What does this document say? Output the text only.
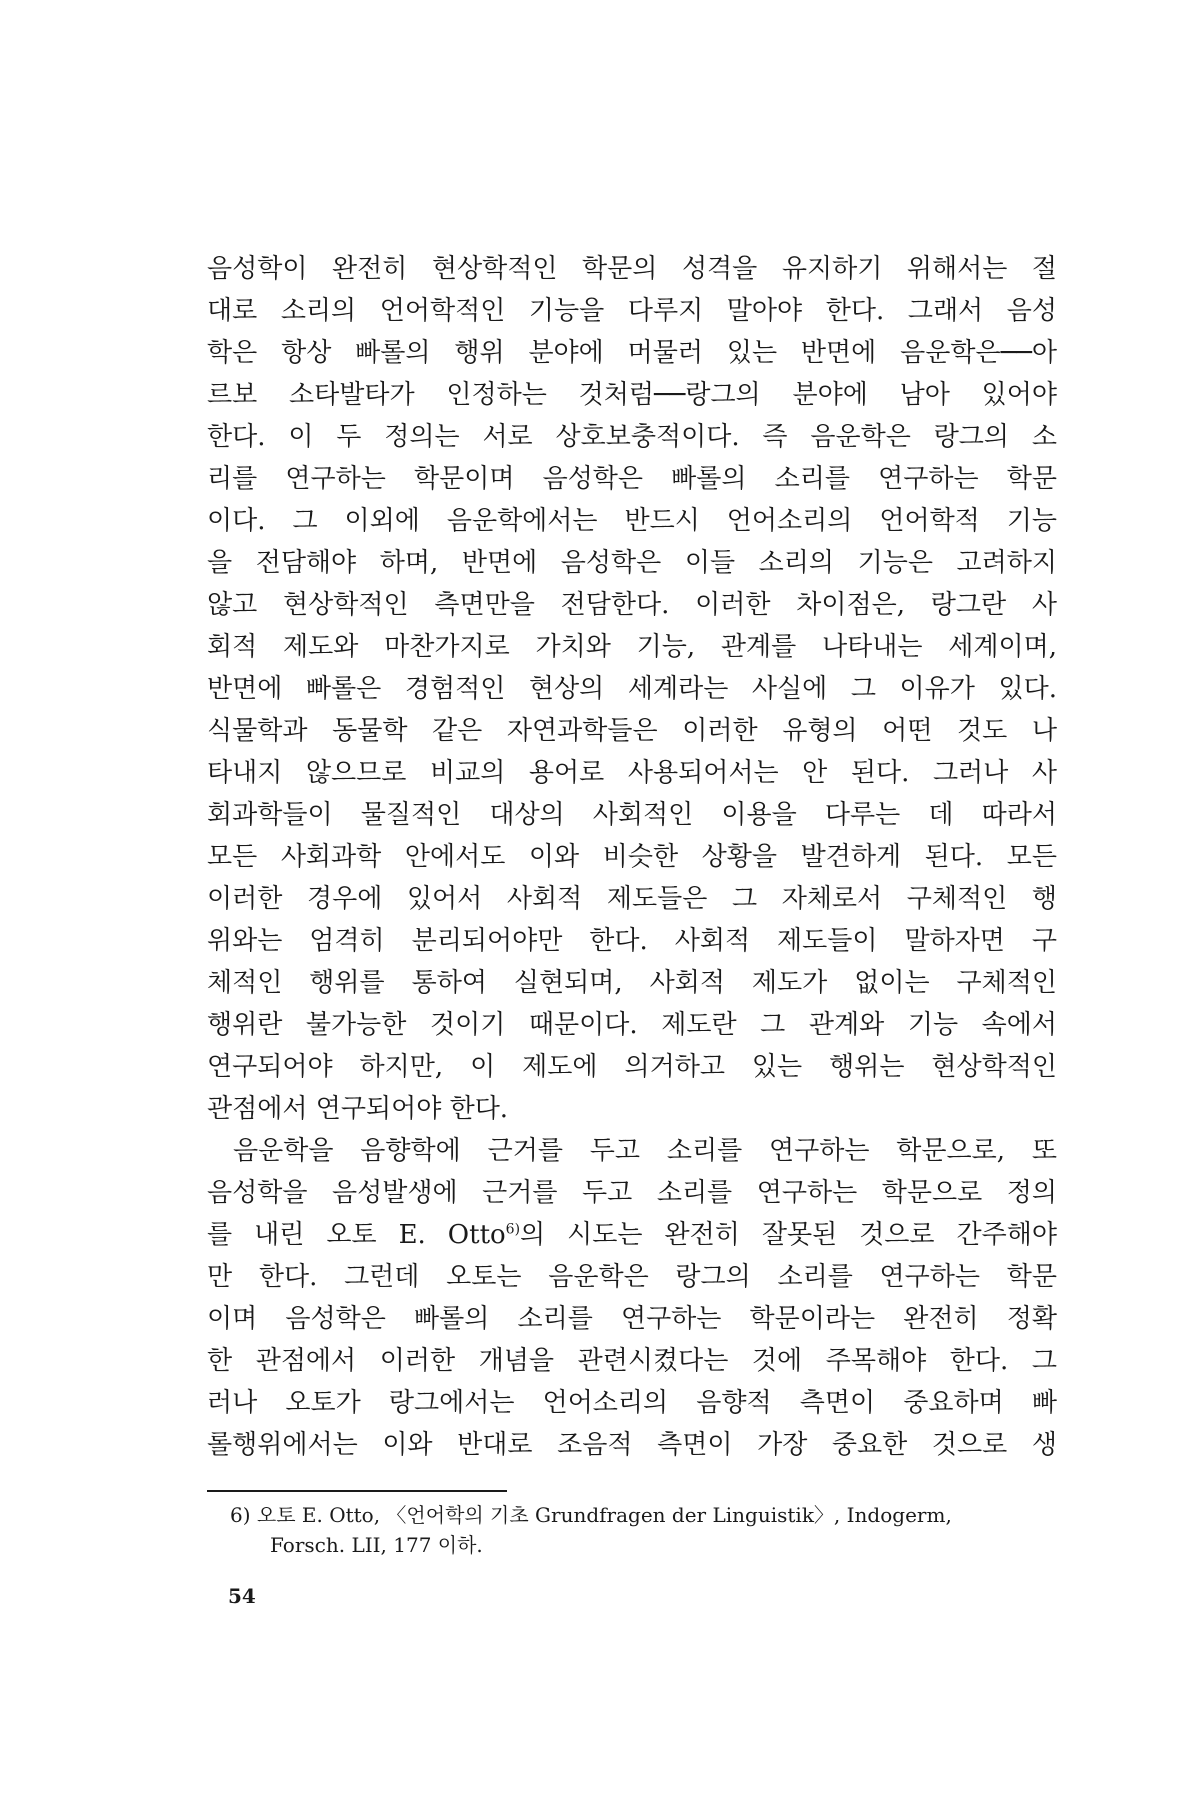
음성학이 완전히 현상학적인 학문의 성격을 유지하기 위해서는 절
대로 소리의 언어학적인 기능을 다루지 말아야 한다. 그래서 음성
학은 항상 빠롤의 행위 분야에 머물러 있는 반면에 음운학은──아
르보 소타발타가 인정하는 것처럼──랑그의 분야에 남아 있어야
한다. 이 두 정의는 서로 상호보충적이다. 즉 음운학은 랑그의 소
리를 연구하는 학문이며 음성학은 빠롤의 소리를 연구하는 학문
이다. 그 이외에 음운학에서는 반드시 언어소리의 언어학적 기능
을 전담해야 하며, 반면에 음성학은 이들 소리의 기능은 고려하지
않고 현상학적인 측면만을 전담한다. 이러한 차이점은, 랑그란 사
회적 제도와 마찬가지로 가치와 기능, 관계를 나타내는 세계이며,
반면에 빠롤은 경험적인 현상의 세계라는 사실에 그 이유가 있다.
식물학과 동물학 같은 자연과학들은 이러한 유형의 어떤 것도 나
타내지 않으므로 비교의 용어로 사용되어서는 안 된다. 그러나 사
회과학들이 물질적인 대상의 사회적인 이용을 다루는 데 따라서
모든 사회과학 안에서도 이와 비슷한 상황을 발견하게 된다. 모든
이러한 경우에 있어서 사회적 제도들은 그 자체로서 구체적인 행
위와는 엄격히 분리되어야만 한다. 사회적 제도들이 말하자면 구
체적인 행위를 통하여 실현되며, 사회적 제도가 없이는 구체적인
행위란 불가능한 것이기 때문이다. 제도란 그 관계와 기능 속에서
연구되어야 하지만, 이 제도에 의거하고 있는 행위는 현상학적인
관점에서 연구되어야 한다.
음운학을 음향학에 근거를 두고 소리를 연구하는 학문으로, 또
음성학을 음성발생에 근거를 두고 소리를 연구하는 학문으로 정의
를 내린 오토 E. Otto$^{6)}$의 시도는 완전히 잘못된 것으로 간주해야
만 한다. 그런데 오토는 음운학은 랑그의 소리를 연구하는 학문
이며 음성학은 빠롤의 소리를 연구하는 학문이라는 완전히 정확
한 관점에서 이러한 개념을 관련시켰다는 것에 주목해야 한다. 그
러나 오토가 랑그에서는 언어소리의 음향적 측면이 중요하며 빠
롤행위에서는 이와 반대로 조음적 측면이 가장 중요한 것으로 생
6) 오토 E. Otto, 〈언어학의 기초 Grundfragen der Linguistik〉, Indogerm,
Forsch. LII, 177 이하.
54
